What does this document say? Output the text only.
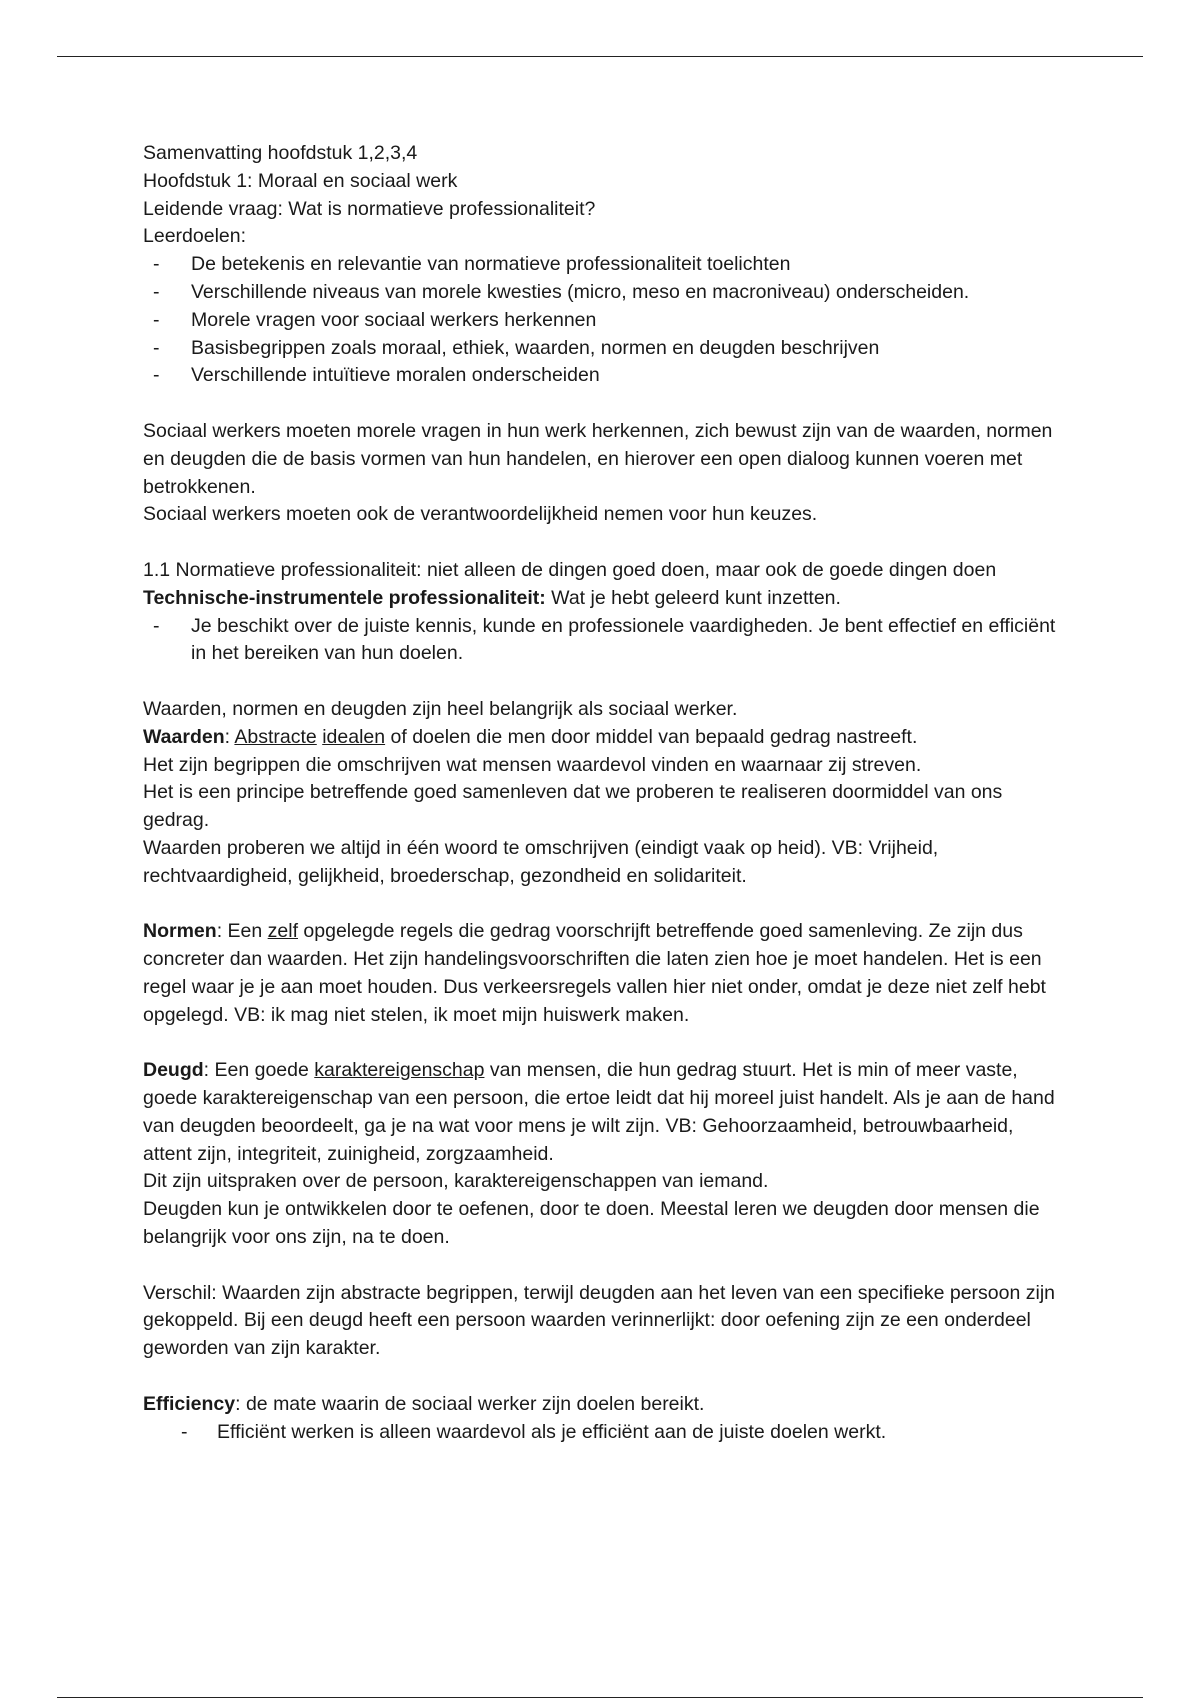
Samenvatting hoofdstuk 1,2,3,4
Hoofdstuk 1: Moraal en sociaal werk
Leidende vraag: Wat is normatieve professionaliteit?
Leerdoelen:
- De betekenis en relevantie van normatieve professionaliteit toelichten
- Verschillende niveaus van morele kwesties (micro, meso en macroniveau) onderscheiden.
- Morele vragen voor sociaal werkers herkennen
- Basisbegrippen zoals moraal, ethiek, waarden, normen en deugden beschrijven
- Verschillende intuïtieve moralen onderscheiden
Sociaal werkers moeten morele vragen in hun werk herkennen, zich bewust zijn van de waarden, normen en deugden die de basis vormen van hun handelen, en hierover een open dialoog kunnen voeren met betrokkenen.
Sociaal werkers moeten ook de verantwoordelijkheid nemen voor hun keuzes.
1.1 Normatieve professionaliteit: niet alleen de dingen goed doen, maar ook de goede dingen doen
Technische-instrumentele professionaliteit: Wat je hebt geleerd kunt inzetten.
- Je beschikt over de juiste kennis, kunde en professionele vaardigheden. Je bent effectief en efficiënt in het bereiken van hun doelen.
Waarden, normen en deugden zijn heel belangrijk als sociaal werker.
Waarden: Abstracte idealen of doelen die men door middel van bepaald gedrag nastreeft.
Het zijn begrippen die omschrijven wat mensen waardevol vinden en waarnaar zij streven.
Het is een principe betreffende goed samenleven dat we proberen te realiseren doormiddel van ons gedrag.
Waarden proberen we altijd in één woord te omschrijven (eindigt vaak op heid). VB: Vrijheid, rechtvaardigheid, gelijkheid, broederschap, gezondheid en solidariteit.
Normen: Een zelf opgelegde regels die gedrag voorschrijft betreffende goed samenleving. Ze zijn dus concreter dan waarden. Het zijn handelingsvoorschriften die laten zien hoe je moet handelen. Het is een regel waar je je aan moet houden. Dus verkeersregels vallen hier niet onder, omdat je deze niet zelf hebt opgelegd. VB: ik mag niet stelen, ik moet mijn huiswerk maken.
Deugd: Een goede karaktereigenschap van mensen, die hun gedrag stuurt. Het is min of meer vaste, goede karaktereigenschap van een persoon, die ertoe leidt dat hij moreel juist handelt. Als je aan de hand van deugden beoordeelt, ga je na wat voor mens je wilt zijn. VB: Gehoorzaamheid, betrouwbaarheid, attent zijn, integriteit, zuinigheid, zorgzaamheid.
Dit zijn uitspraken over de persoon, karaktereigenschappen van iemand.
Deugden kun je ontwikkelen door te oefenen, door te doen. Meestal leren we deugden door mensen die belangrijk voor ons zijn, na te doen.
Verschil: Waarden zijn abstracte begrippen, terwijl deugden aan het leven van een specifieke persoon zijn gekoppeld. Bij een deugd heeft een persoon waarden verinnerlijkt: door oefening zijn ze een onderdeel geworden van zijn karakter.
Efficiency: de mate waarin de sociaal werker zijn doelen bereikt.
- Efficiënt werken is alleen waardevol als je efficiënt aan de juiste doelen werkt.
